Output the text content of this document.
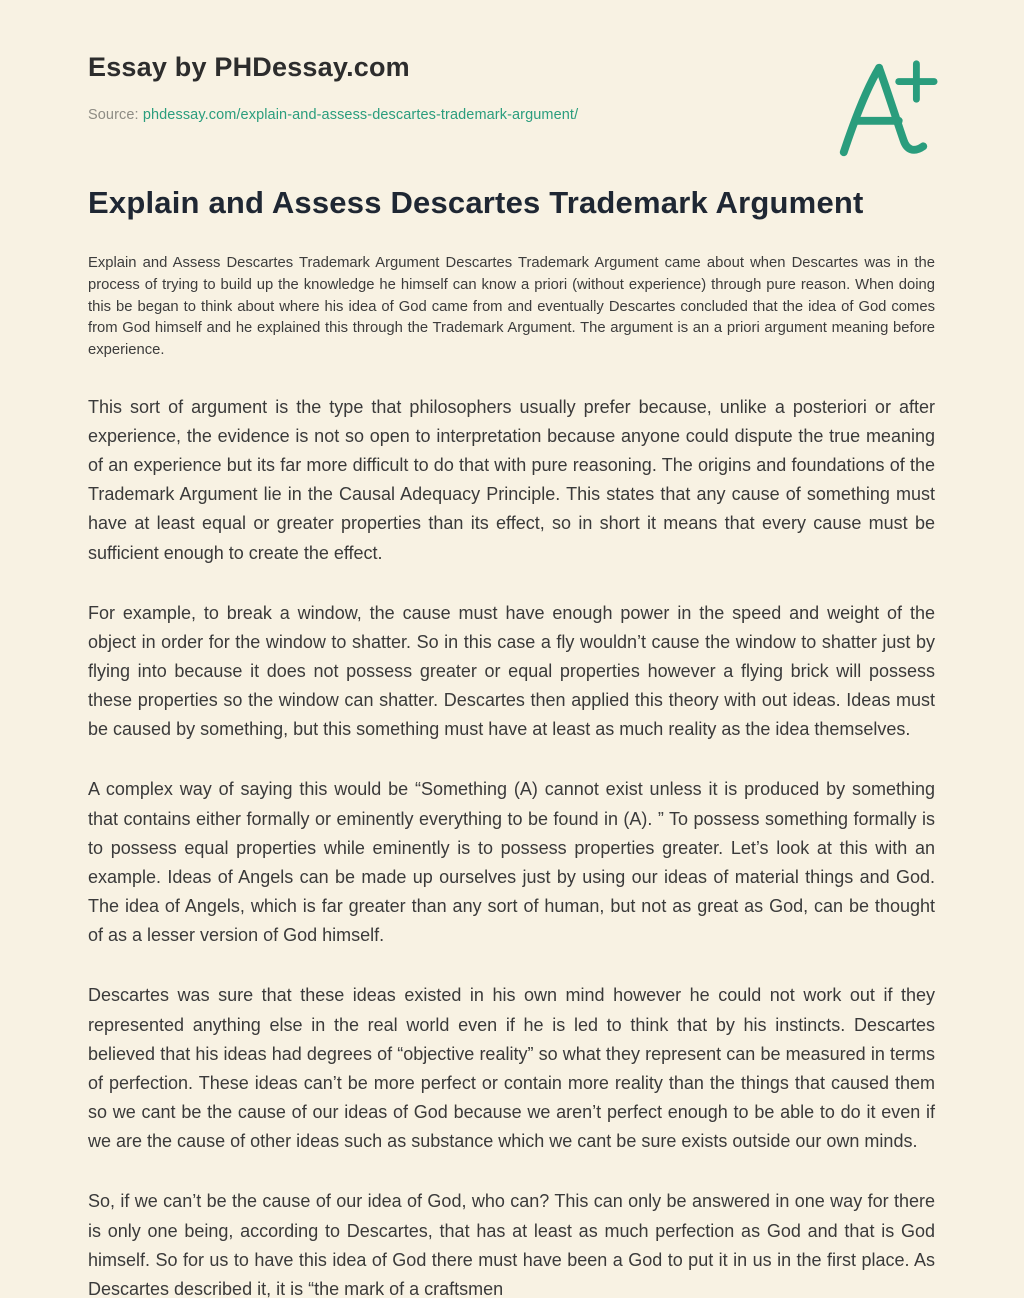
Essay by PHDessay.com

Source: phdessay.com/explain-and-assess-descartes-trademark-argument/

Explain and Assess Descartes Trademark Argument

Explain and Assess Descartes Trademark Argument Descartes Trademark Argument came about when Descartes was in the process of trying to build up the knowledge he himself can know a priori (without experience) through pure reason. When doing this be began to think about where his idea of God came from and eventually Descartes concluded that the idea of God comes from God himself and he explained this through the Trademark Argument. The argument is an a priori argument meaning before experience.

This sort of argument is the type that philosophers usually prefer because, unlike a posteriori or after experience, the evidence is not so open to interpretation because anyone could dispute the true meaning of an experience but its far more difficult to do that with pure reasoning. The origins and foundations of the Trademark Argument lie in the Causal Adequacy Principle. This states that any cause of something must have at least equal or greater properties than its effect, so in short it means that every cause must be sufficient enough to create the effect.

For example, to break a window, the cause must have enough power in the speed and weight of the object in order for the window to shatter. So in this case a fly wouldn’t cause the window to shatter just by flying into because it does not possess greater or equal properties however a flying brick will possess these properties so the window can shatter. Descartes then applied this theory with out ideas. Ideas must be caused by something, but this something must have at least as much reality as the idea themselves.

A complex way of saying this would be “Something (A) cannot exist unless it is produced by something that contains either formally or eminently everything to be found in (A). ” To possess something formally is to possess equal properties while eminently is to possess properties greater. Let’s look at this with an example. Ideas of Angels can be made up ourselves just by using our ideas of material things and God. The idea of Angels, which is far greater than any sort of human, but not as great as God, can be thought of as a lesser version of God himself.

Descartes was sure that these ideas existed in his own mind however he could not work out if they represented anything else in the real world even if he is led to think that by his instincts. Descartes believed that his ideas had degrees of “objective reality” so what they represent can be measured in terms of perfection. These ideas can’t be more perfect or contain more reality than the things that caused them so we cant be the cause of our ideas of God because we aren’t perfect enough to be able to do it even if we are the cause of other ideas such as substance which we cant be sure exists outside our own minds.

So, if we can’t be the cause of our idea of God, who can? This can only be answered in one way for there is only one being, according to Descartes, that has at least as much perfection as God and that is God himself. So for us to have this idea of God there must have been a God to put it in us in the first place. As Descartes described it, it is “the mark of a craftsmen
